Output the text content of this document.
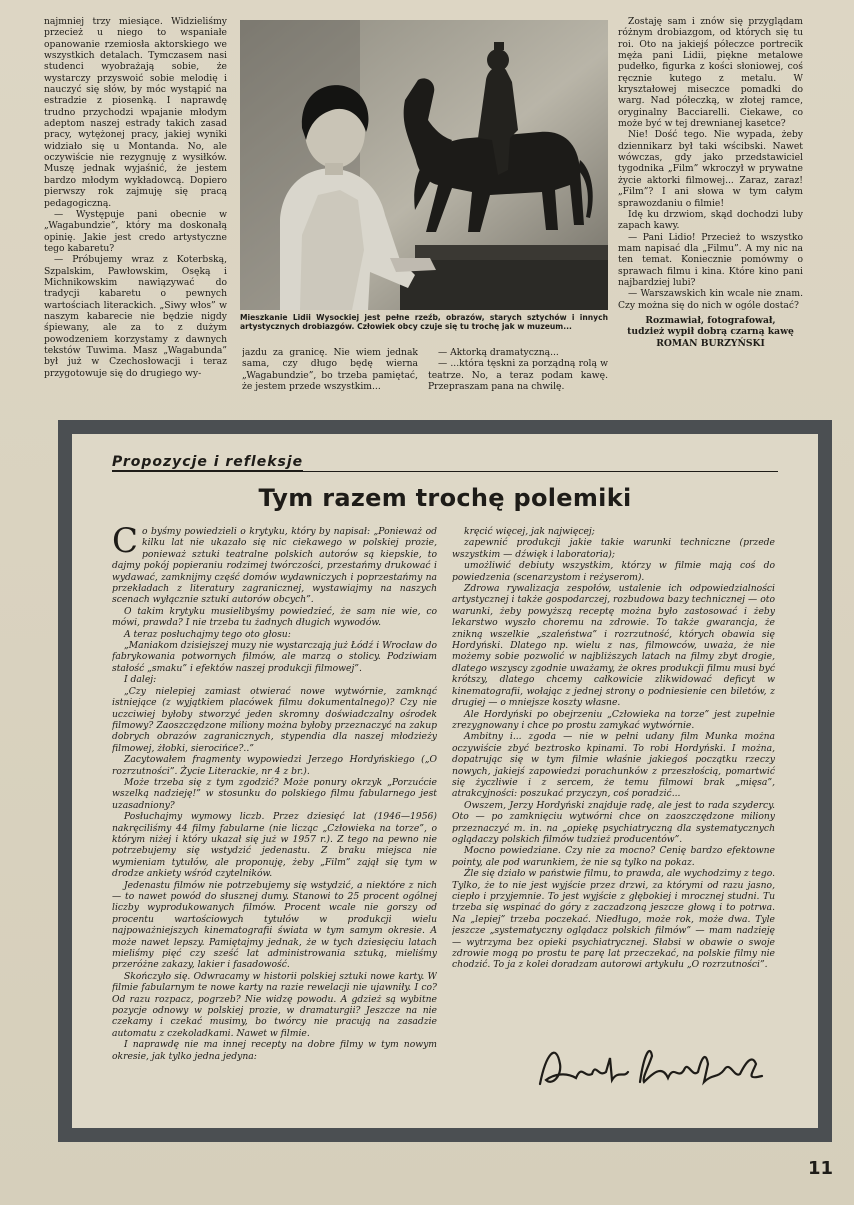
najmniej trzy miesiące. Widzieliśmy przecież u niego to wspaniałe opanowanie rzemiosła aktorskiego we wszystkich detalach. Tymczasem nasi studenci wyobrażają sobie, że wystarczy przyswoić sobie melodię i nauczyć się słów, by móc wystąpić na estradzie z piosenką. I naprawdę trudno przychodzi wpajanie młodym adeptom naszej estrady takich zasad pracy, wytężonej pracy, jakiej wyniki widziało się u Montanda. No, ale oczywiście nie rezygnuję z wysiłków. Muszę jednak wyjaśnić, że jestem bardzo młodym wykładowcą. Dopiero pierwszy rok zajmuję się pracą pedagogiczną.

— Występuje pani obecnie w „Wagabundzie”, który ma doskonałą opinię. Jakie jest credo artystyczne tego kabaretu?

— Próbujemy wraz z Koterbską, Szpalskim, Pawłowskim, Osęką i Michnikowskim nawiązywać do tradycji kabaretu o pewnych wartościach literackich. „Siwy włos” w naszym kabarecie nie będzie nigdy śpiewany, ale za to z dużym powodzeniem korzystamy z dawnych tekstów Tuwima. Masz „Wagabunda” był już w Czechosłowacji i teraz przygotowuje się do drugiego wy-

Mieszkanie Lidii Wysockiej jest pełne rzeźb, obrazów, starych sztychów i innych artystycznych drobiazgów. Człowiek obcy czuje się tu trochę jak w muzeum...

jazdu za granicę. Nie wiem jednak sama, czy długo będę wierna „Wagabundzie”, bo trzeba pamiętać, że jestem przede wszystkim...

— Aktorką dramatyczną...

— ...która tęskni za porządną rolą w teatrze. No, a teraz podam kawę. Przepraszam pana na chwilę.

Zostaję sam i znów się przyglądam różnym drobiazgom, od których się tu roi. Oto na jakiejś półeczce portrecik męża pani Lidii, piękne metalowe pudełko, figurka z kości słoniowej, coś ręcznie kutego z metalu. W kryształowej miseczce pomadki do warg. Nad półeczką, w złotej ramce, oryginalny Bacciarelli. Ciekawe, co może być w tej drewnianej kasetce?

Nie! Dość tego. Nie wypada, żeby dziennikarz był taki wścibski. Nawet wówczas, gdy jako przedstawiciel tygodnika „Film” wkroczył w prywatne życie aktorki filmowej... Zaraz, zaraz! „Film”? I ani słowa w tym całym sprawozdaniu o filmie!

Idę ku drzwiom, skąd dochodzi luby zapach kawy.

— Pani Lidio! Przecież to wszystko mam napisać dla „Filmu”. A my nic na ten temat. Koniecznie pomówmy o sprawach filmu i kina. Które kino pani najbardziej lubi?

— Warszawskich kin wcale nie znam. Czy można się do nich w ogóle dostać?

Rozmawiał, fotografował,

tudzież wypił dobrą czarną kawę

ROMAN BURZYŃSKI

Propozycje i refleksje
Tym razem trochę polemiki

Co byśmy powiedzieli o krytyku, który by napisał: „Ponieważ od kilku lat nie ukazało się nic ciekawego w polskiej prozie, ponieważ sztuki teatralne polskich autorów są kiepskie, to dajmy pokój popieraniu rodzimej twórczości, przestańmy drukować i wydawać, zamknijmy część domów wydawniczych i poprzestańmy na przekładach z literatury zagranicznej, wystawiajmy na naszych scenach wyłącznie sztuki autorów obcych”.

O takim krytyku musielibyśmy powiedzieć, że sam nie wie, co mówi, prawda? I nie trzeba tu żadnych długich wywodów.

A teraz posłuchajmy tego oto głosu:

„Maniakom dzisiejszej muzy nie wystarczają już Łódź i Wrocław do fabrykowania potwornych filmów, ale marzą o stolicy. Podziwiam stałość „smaku” i efektów naszej produkcji filmowej”.

I dalej:

„Czy nielepiej zamiast otwierać nowe wytwórnie, zamknąć istniejące (z wyjątkiem placówek filmu dokumentalnego)? Czy nie uczciwiej byłoby stworzyć jeden skromny doświadczalny ośrodek filmowy? Zaoszczędzone miliony można byłoby przeznaczyć na zakup dobrych obrazów zagranicznych, stypendia dla naszej młodzieży filmowej, żłobki, sierocińce?..”

Zacytowałem fragmenty wypowiedzi Jerzego Hordyńskiego („O rozrzutności”. Życie Literackie, nr 4 z br.).

Może trzeba się z tym zgodzić? Może ponury okrzyk „Porzućcie wszelką nadzieję!” w stosunku do polskiego filmu fabularnego jest uzasadniony?

Posłuchajmy wymowy liczb. Przez dziesięć lat (1946—1956) nakręciliśmy 44 filmy fabularne (nie licząc „Człowieka na torze”, o którym niżej i który ukazał się już w 1957 r.). Z tego na pewno nie potrzebujemy się wstydzić jedenastu. Z braku miejsca nie wymieniam tytułów, ale proponuję, żeby „Film” zajął się tym w drodze ankiety wśród czytelników.

Jedenastu filmów nie potrzebujemy się wstydzić, a niektóre z nich — to nawet powód do słusznej dumy. Stanowi to 25 procent ogólnej liczby wyprodukowanych filmów. Procent wcale nie gorszy od procentu wartościowych tytułów w produkcji wielu najpoważniejszych kinematografii świata w tym samym okresie. A może nawet lepszy. Pamiętajmy jednak, że w tych dziesięciu latach mieliśmy pięć czy sześć lat administrowania sztuką, mieliśmy przeróżne zakazy, lakier i fasadowość.

Skończyło się. Odwracamy w historii polskiej sztuki nowe karty. W filmie fabularnym te nowe karty na razie rewelacji nie ujawniły. I co? Od razu rozpacz, pogrzeb? Nie widzę powodu. A gdzież są wybitne pozycje odnowy w polskiej prozie, w dramaturgii? Jeszcze na nie czekamy i czekać musimy, bo twórcy nie pracują na zasadzie automatu z czekoladkami. Nawet w filmie.

I naprawdę nie ma innej recepty na dobre filmy w tym nowym okresie, jak tylko jedna jedyna:

kręcić więcej, jak najwięcej;

zapewnić produkcji jakie takie warunki techniczne (przede wszystkim — dźwięk i laboratoria);

umożliwić debiuty wszystkim, którzy w filmie mają coś do powiedzenia (scenarzystom i reżyserom).

Zdrowa rywalizacja zespołów, ustalenie ich odpowiedzialności artystycznej i także gospodarczej, rozbudowa bazy technicznej — oto warunki, żeby powyższą receptę można było zastosować i żeby lekarstwo wyszło choremu na zdrowie. To także gwarancja, że znikną wszelkie „szaleństwa” i rozrzutność, których obawia się Hordyński. Dlatego np. wielu z nas, filmowców, uważa, że nie możemy sobie pozwolić w najbliższych latach na filmy zbyt drogie, dlatego wszyscy zgodnie uważamy, że okres produkcji filmu musi być krótszy, dlatego chcemy całkowicie zlikwidować deficyt w kinematografii, wołając z jednej strony o podniesienie cen biletów, z drugiej — o mniejsze koszty własne.

Ale Hordyński po obejrzeniu „Człowieka na torze” jest zupełnie zrezygnowany i chce po prostu zamykać wytwórnie.

Ambitny i... zgoda — nie w pełni udany film Munka można oczywiście zbyć beztrosko kpinami. To robi Hordyński. I można, dopatrując się w tym filmie właśnie jakiegoś początku rzeczy nowych, jakiejś zapowiedzi porachunków z przeszłością, pomartwić się życzliwie i z sercem, że temu filmowi brak „mięsa”, atrakcyjności: poszukać przyczyn, coś poradzić...

Owszem, Jerzy Hordyński znajduje radę, ale jest to rada szydercy. Oto — po zamknięciu wytwórni chce on zaoszczędzone miliony przeznaczyć m. in. na „opiekę psychiatryczną dla systematycznych oglądaczy polskich filmów tudzież producentów”.

Mocno powiedziane. Czy nie za mocno? Cenię bardzo efektowne pointy, ale pod warunkiem, że nie są tylko na pokaz.

Źle się działo w państwie filmu, to prawda, ale wychodzimy z tego. Tylko, że to nie jest wyjście przez drzwi, za którymi od razu jasno, ciepło i przyjemnie. To jest wyjście z głębokiej i mrocznej studni. Tu trzeba się wspinać do góry z zaczadzoną jeszcze głową i to potrwa. Na „lepiej” trzeba poczekać. Niedługo, może rok, może dwa. Tyle jeszcze „systematyczny oglądacz polskich filmów” — mam nadzieję — wytrzyma bez opieki psychiatrycznej. Słabsi w obawie o swoje zdrowie mogą po prostu te parę lat przeczekać, na polskie filmy nie chodzić. To ja z kolei doradzam autorowi artykułu „O rozrzutności”.

11
